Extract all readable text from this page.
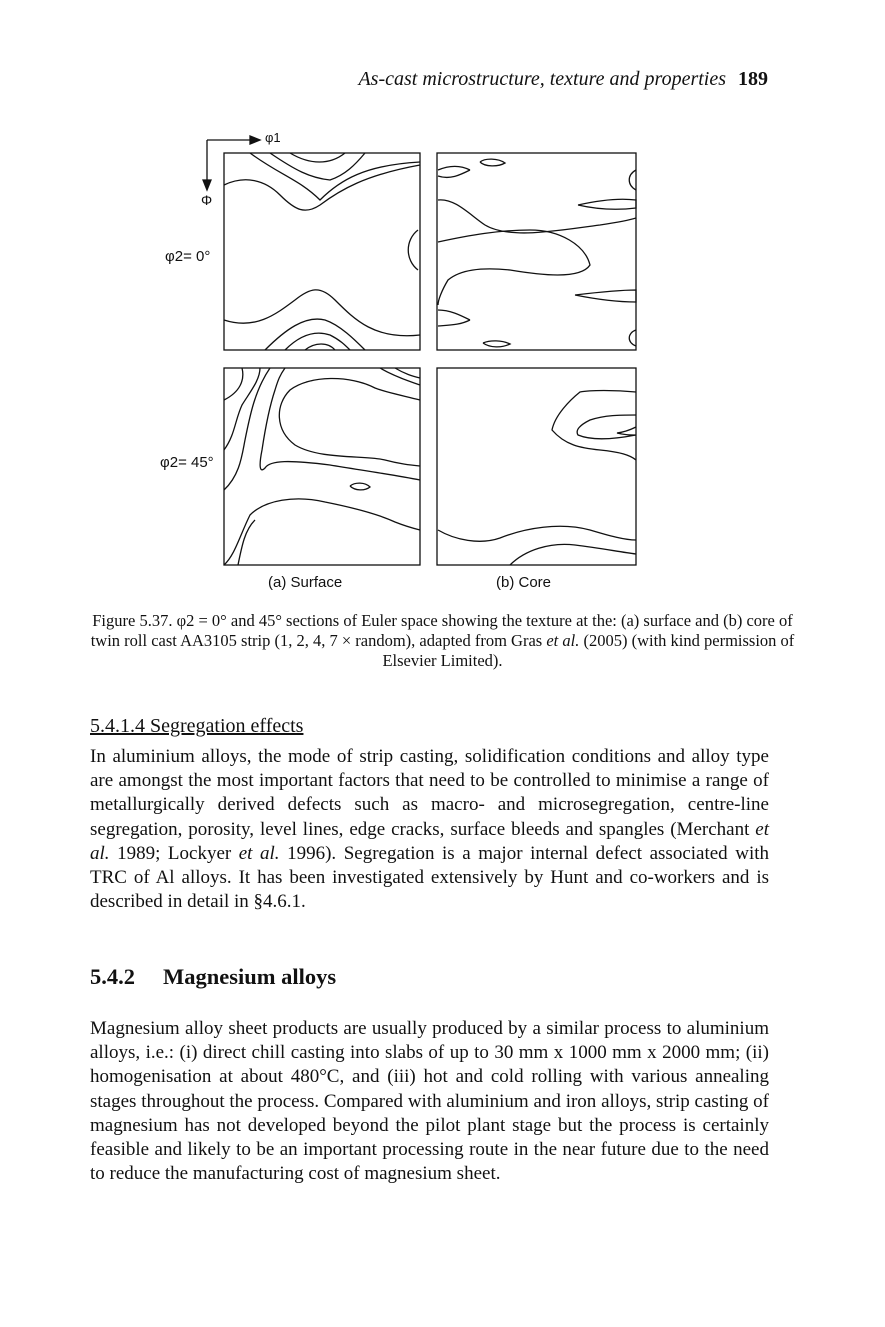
As-cast microstructure, texture and properties 189
φ1
Φ
φ2= 0°
φ2= 45°
(a) Surface	(b) Core
Figure 5.37. φ2 = 0° and 45° sections of Euler space showing the texture at the: (a) surface and (b) core of twin roll cast AA3105 strip (1, 2, 4, 7 × random), adapted from Gras et al. (2005) (with kind permission of Elsevier Limited).
5.4.1.4 Segregation effects
In aluminium alloys, the mode of strip casting, solidification conditions and alloy type are amongst the most important factors that need to be controlled to minimise a range of metallurgically derived defects such as macro- and microsegregation, centre-line segregation, porosity, level lines, edge cracks, surface bleeds and spangles (Merchant et al. 1989; Lockyer et al. 1996). Segregation is a major internal defect associated with TRC of Al alloys. It has been investigated extensively by Hunt and co-workers and is described in detail in §4.6.1.
5.4.2 Magnesium alloys
Magnesium alloy sheet products are usually produced by a similar process to aluminium alloys, i.e.: (i) direct chill casting into slabs of up to 30 mm x 1000 mm x 2000 mm; (ii) homogenisation at about 480°C, and (iii) hot and cold rolling with various annealing stages throughout the process. Compared with aluminium and iron alloys, strip casting of magnesium has not developed beyond the pilot plant stage but the process is certainly feasible and likely to be an important processing route in the near future due to the need to reduce the manufacturing cost of magnesium sheet.
